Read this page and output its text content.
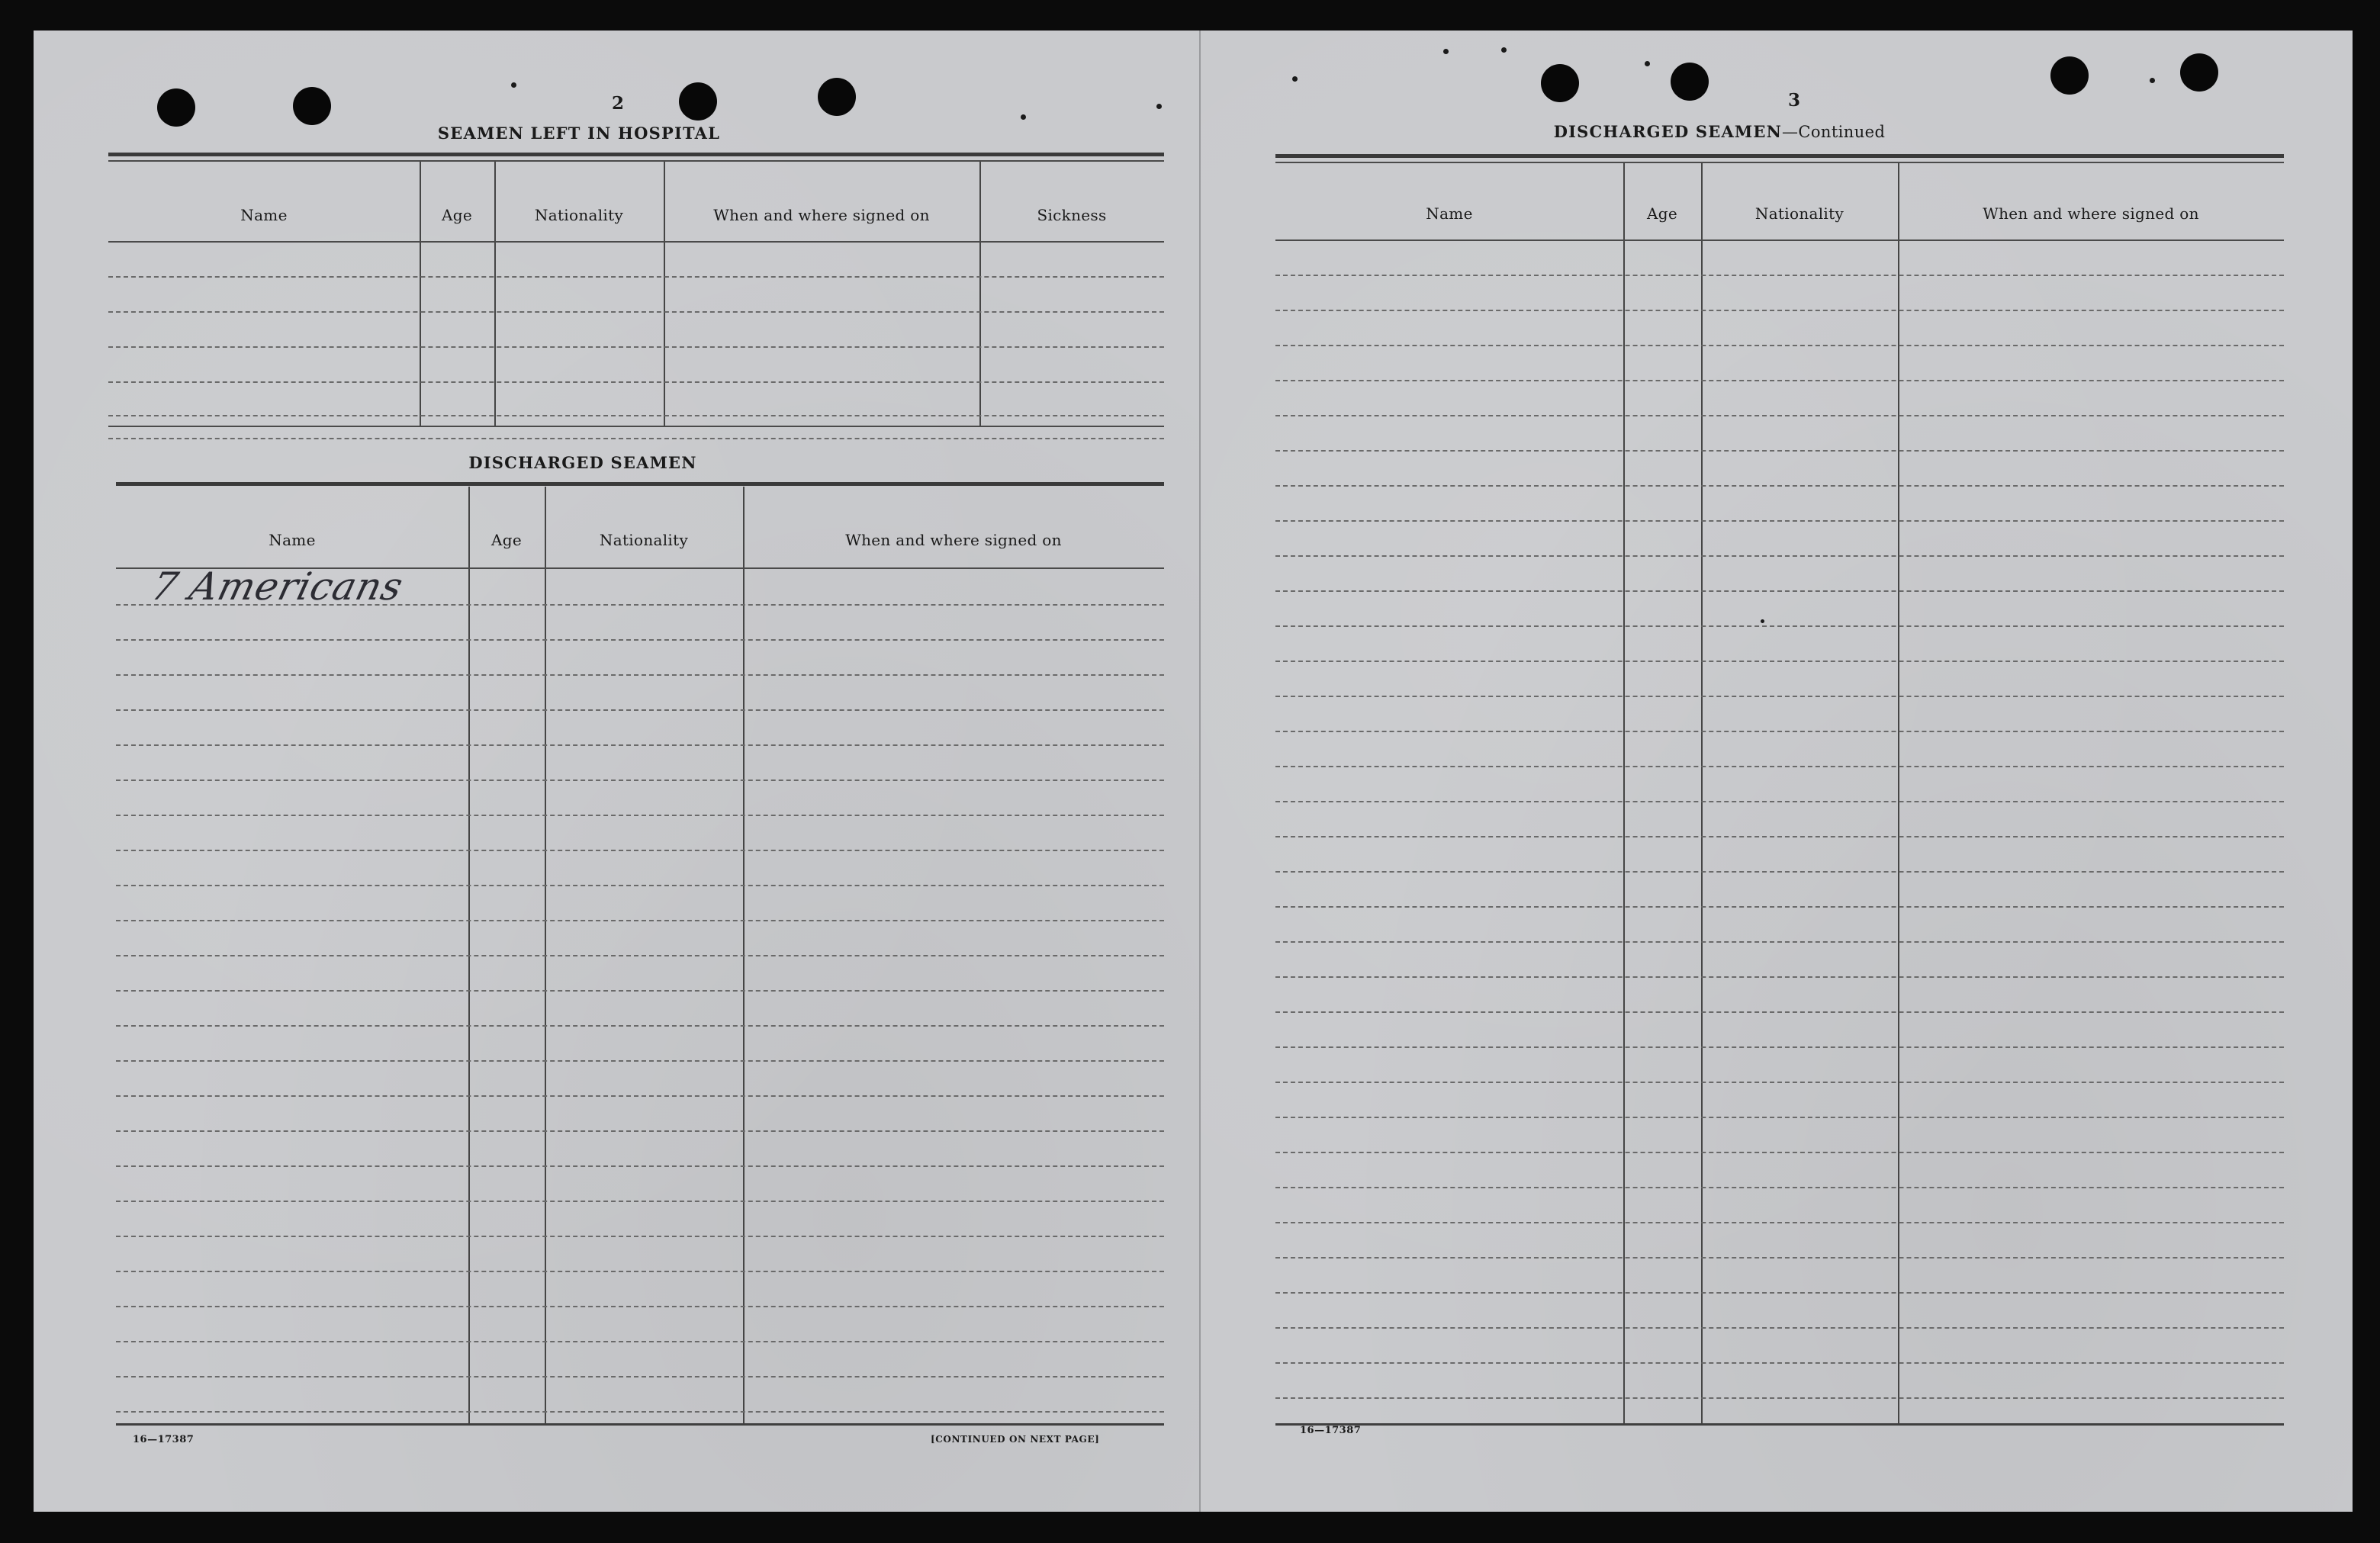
2
SEAMEN LEFT IN HOSPITAL
Name	Age	Nationality	When and where signed on	Sickness
DISCHARGED SEAMEN
Name	Age	Nationality	When and where signed on
7 Americans
16—17387	[CONTINUED ON NEXT PAGE]
3
DISCHARGED SEAMEN—Continued
Name	Age	Nationality	When and where signed on
16—17387
